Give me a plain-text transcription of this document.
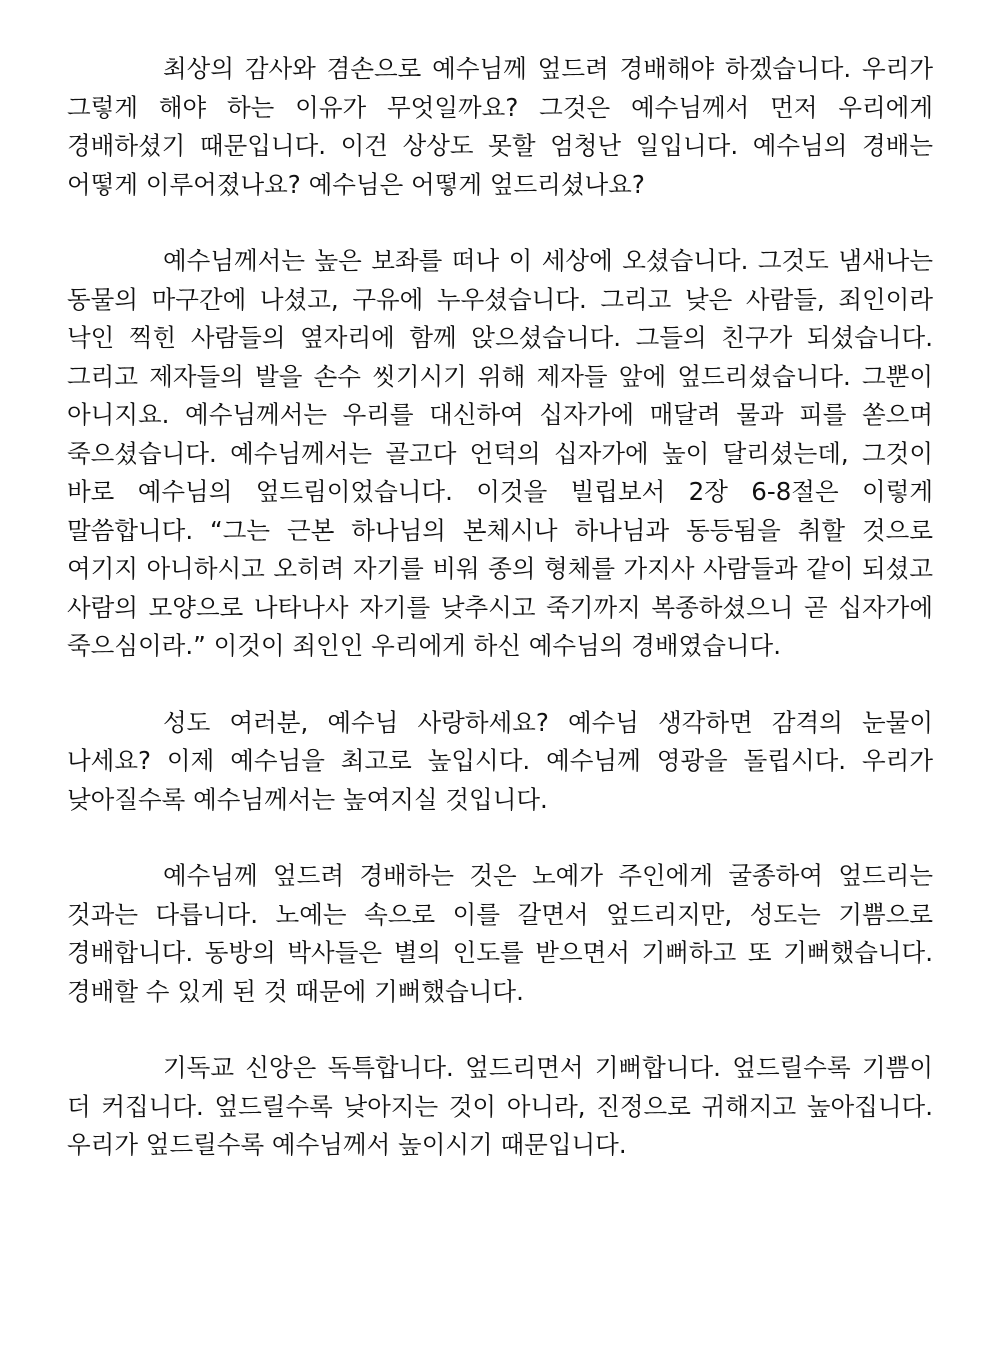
최상의 감사와 겸손으로 예수님께 엎드려 경배해야 하겠습니다. 우리가 그렇게 해야 하는 이유가 무엇일까요? 그것은 예수님께서 먼저 우리에게 경배하셨기 때문입니다. 이건 상상도 못할 엄청난 일입니다. 예수님의 경배는 어떻게 이루어졌나요? 예수님은 어떻게 엎드리셨나요?

예수님께서는 높은 보좌를 떠나 이 세상에 오셨습니다. 그것도 냄새나는 동물의 마구간에 나셨고, 구유에 누우셨습니다. 그리고 낮은 사람들, 죄인이라 낙인 찍힌 사람들의 옆자리에 함께 앉으셨습니다. 그들의 친구가 되셨습니다. 그리고 제자들의 발을 손수 씻기시기 위해 제자들 앞에 엎드리셨습니다. 그뿐이 아니지요. 예수님께서는 우리를 대신하여 십자가에 매달려 물과 피를 쏟으며 죽으셨습니다. 예수님께서는 골고다 언덕의 십자가에 높이 달리셨는데, 그것이 바로 예수님의 엎드림이었습니다. 이것을 빌립보서 2장 6-8절은 이렇게 말씀합니다. “그는 근본 하나님의 본체시나 하나님과 동등됨을 취할 것으로 여기지 아니하시고 오히려 자기를 비워 종의 형체를 가지사 사람들과 같이 되셨고 사람의 모양으로 나타나사 자기를 낮추시고 죽기까지 복종하셨으니 곧 십자가에 죽으심이라.” 이것이 죄인인 우리에게 하신 예수님의 경배였습니다.

성도 여러분, 예수님 사랑하세요? 예수님 생각하면 감격의 눈물이 나세요? 이제 예수님을 최고로 높입시다. 예수님께 영광을 돌립시다. 우리가 낮아질수록 예수님께서는 높여지실 것입니다.

예수님께 엎드려 경배하는 것은 노예가 주인에게 굴종하여 엎드리는 것과는 다릅니다. 노예는 속으로 이를 갈면서 엎드리지만, 성도는 기쁨으로 경배합니다. 동방의 박사들은 별의 인도를 받으면서 기뻐하고 또 기뻐했습니다. 경배할 수 있게 된 것 때문에 기뻐했습니다.

기독교 신앙은 독특합니다. 엎드리면서 기뻐합니다. 엎드릴수록 기쁨이 더 커집니다. 엎드릴수록 낮아지는 것이 아니라, 진정으로 귀해지고 높아집니다. 우리가 엎드릴수록 예수님께서 높이시기 때문입니다.
